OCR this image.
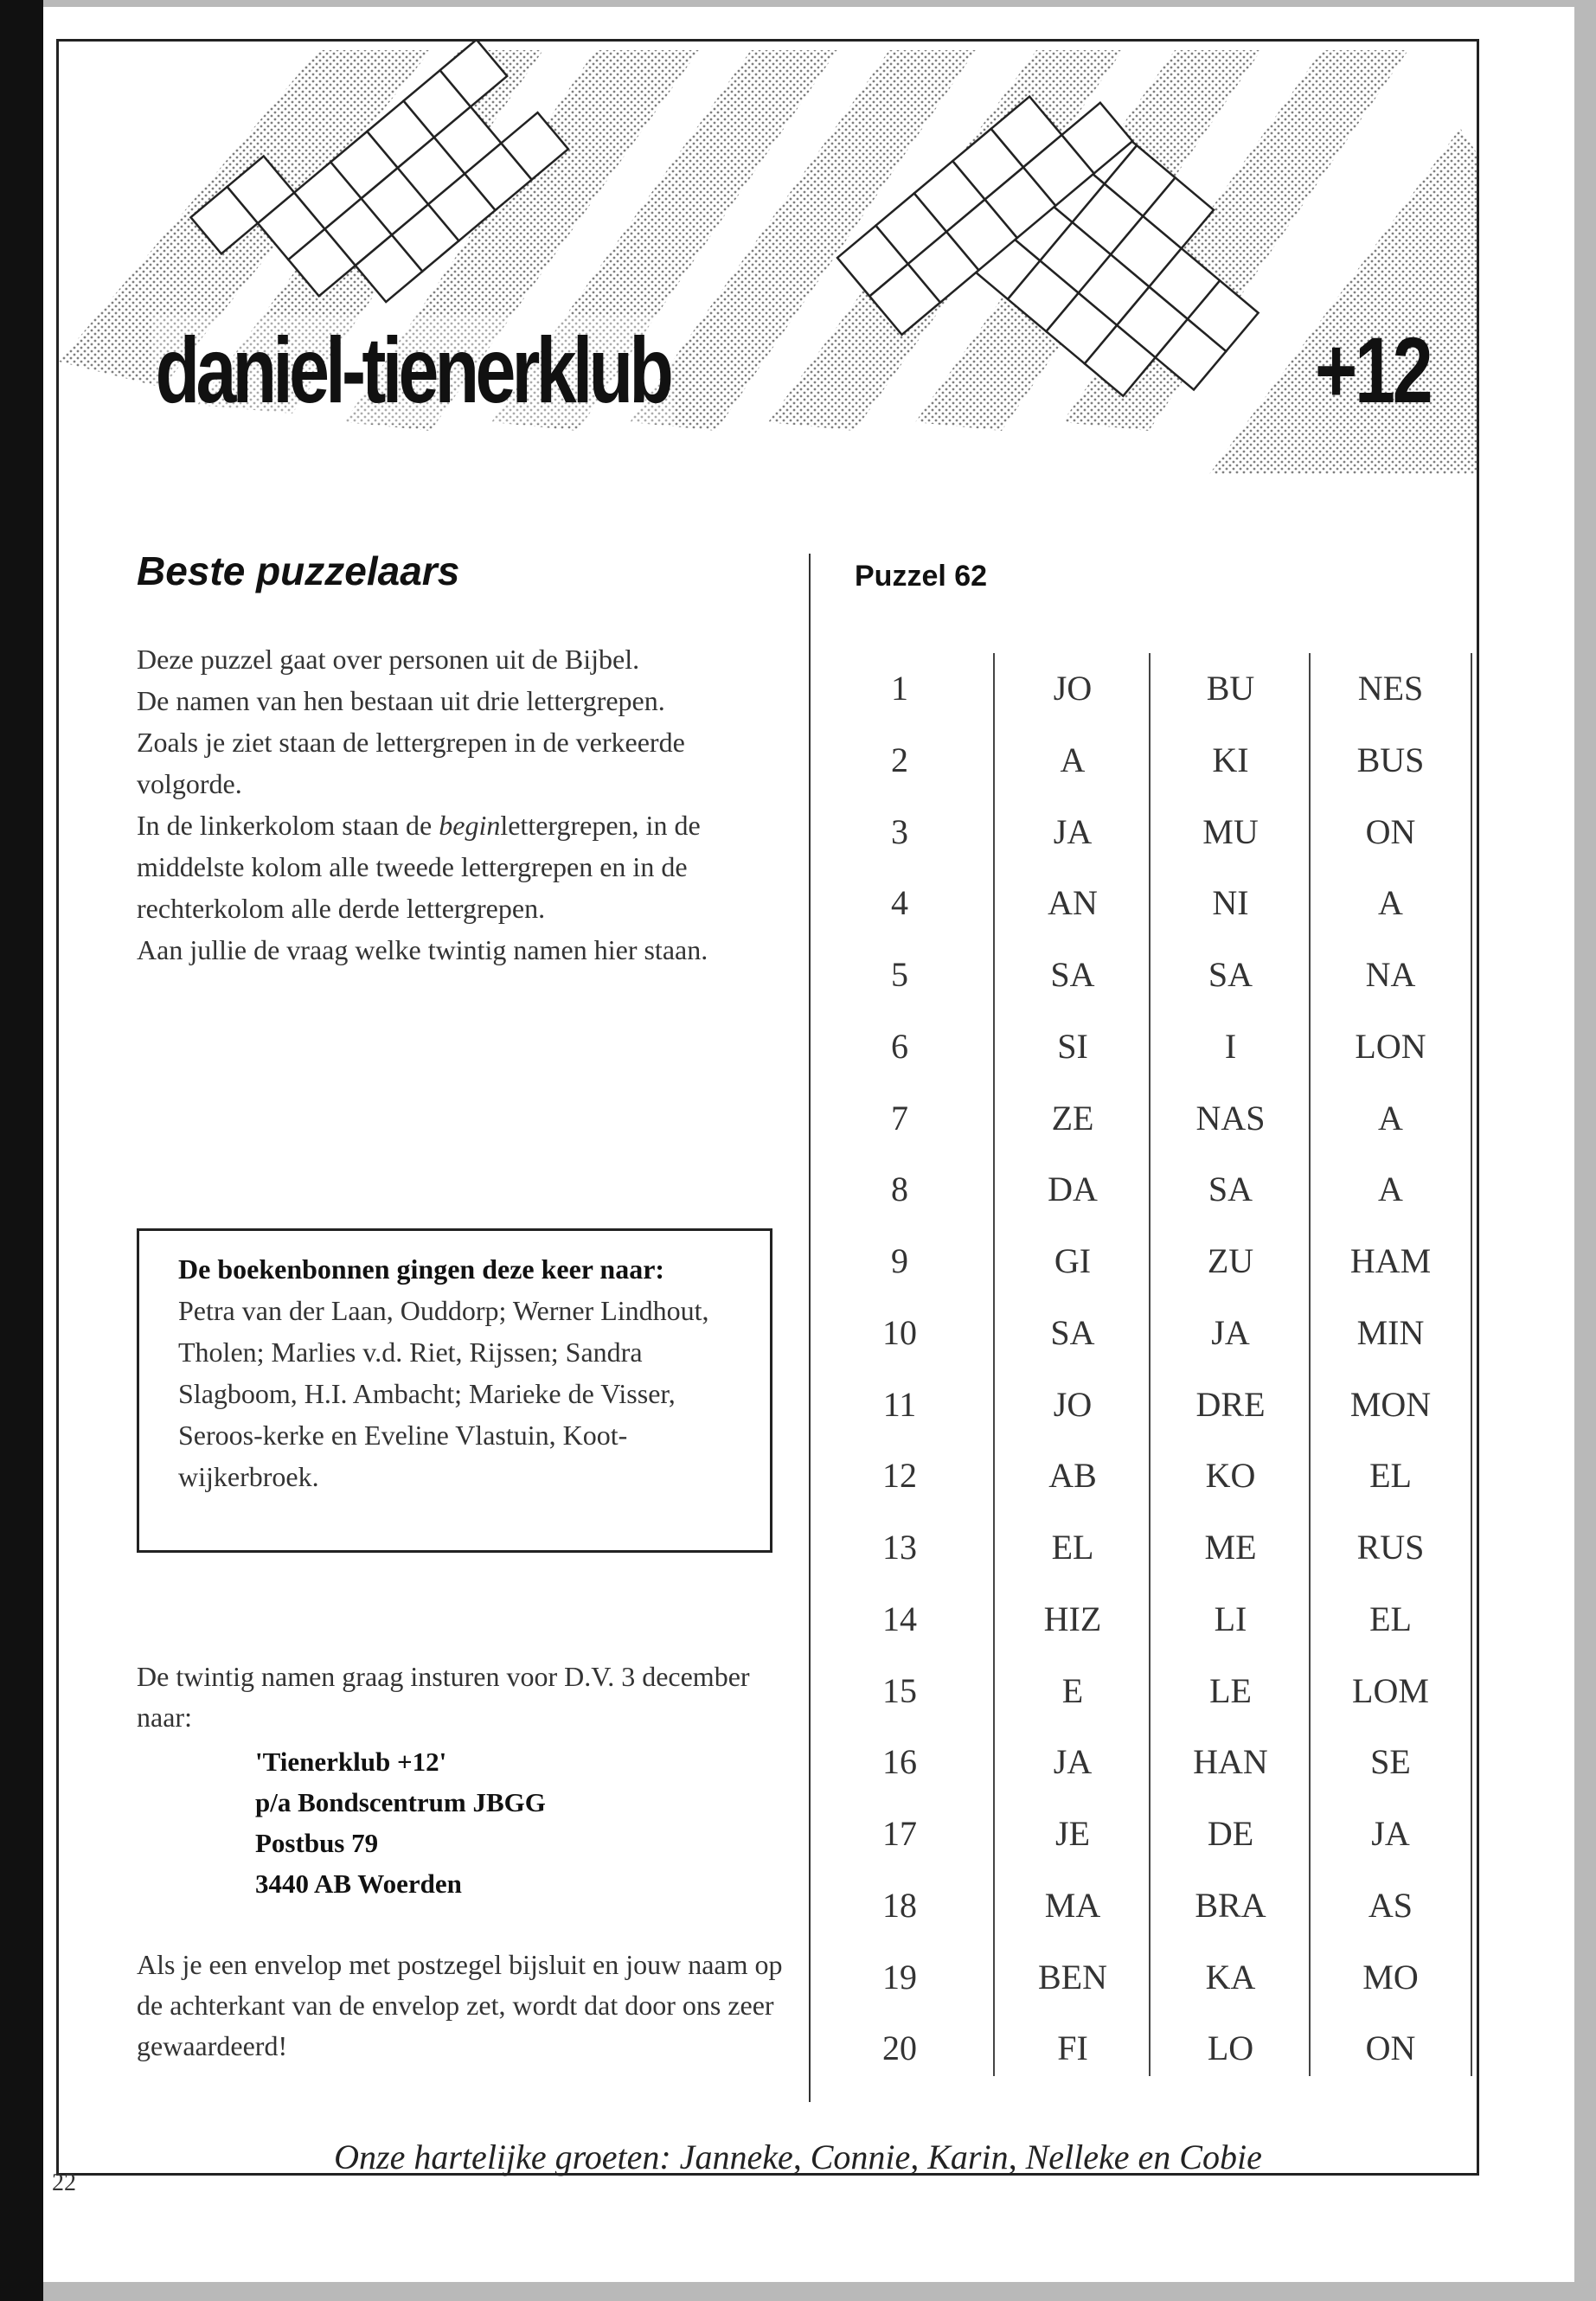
daniel-tienerklub	+12
Beste puzzelaars

Deze puzzel gaat over personen uit de Bijbel.

De namen van hen bestaan uit drie lettergrepen.

Zoals je ziet staan de lettergrepen in de verkeerde volgorde.

In de linkerkolom staan de beginlettergrepen, in de middelste kolom alle tweede lettergrepen en in de rechterkolom alle derde lettergrepen.

Aan jullie de vraag welke twintig namen hier staan.

De boekenbonnen gingen deze keer naar:
Petra van der Laan, Ouddorp; Werner Lindhout, Tholen; Marlies v.d. Riet, Rijssen; Sandra Slagboom, H.I. Ambacht; Marieke de Visser, Seroos-kerke en Eveline Vlastuin, Koot-wijkerbroek.
De twintig namen graag insturen voor D.V. 3 december naar:
'Tienerklub +12'
p/a Bondscentrum JBGG
Postbus 79
3440 AB Woerden
Als je een envelop met postzegel bijsluit en jouw naam op de achterkant van de envelop zet, wordt dat door ons zeer gewaardeerd!
Puzzel 62
1	JO	BU	NES
2	A	KI	BUS
3	JA	MU	ON
4	AN	NI	A
5	SA	SA	NA
6	SI	I	LON
7	ZE	NAS	A
8	DA	SA	A
9	GI	ZU	HAM
10	SA	JA	MIN
11	JO	DRE	MON
12	AB	KO	EL
13	EL	ME	RUS
14	HIZ	LI	EL
15	E	LE	LOM
16	JA	HAN	SE
17	JE	DE	JA
18	MA	BRA	AS
19	BEN	KA	MO
20	FI	LO	ON
Onze hartelijke groeten: Janneke, Connie, Karin, Nelleke en Cobie
22
